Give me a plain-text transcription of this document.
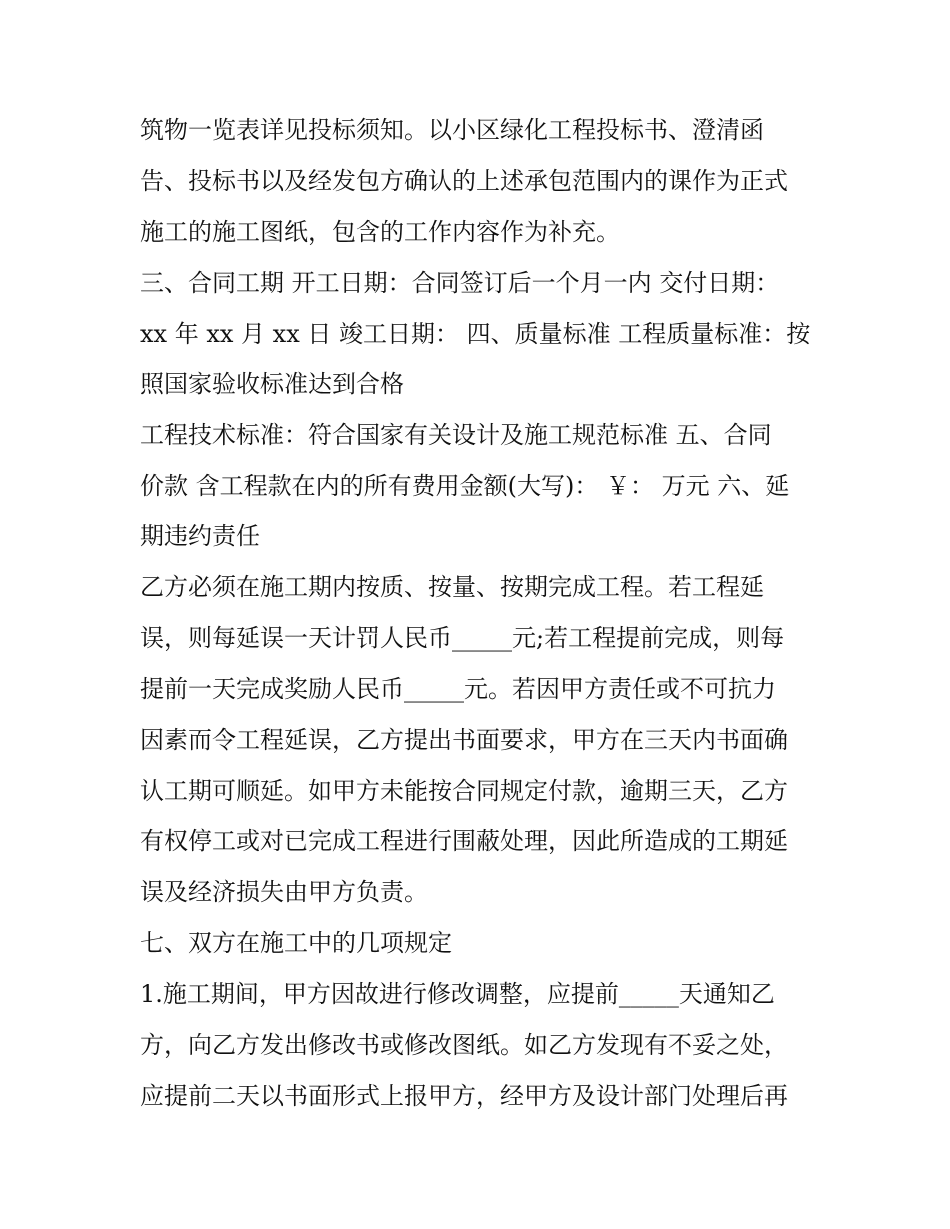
筑物一览表详见投标须知。以小区绿化工程投标书、澄清函
告、投标书以及经发包方确认的上述承包范围内的课作为正式
施工的施工图纸，包含的工作内容作为补充。
三、合同工期 开工日期：合同签订后一个月一内 交付日期：
xx 年 xx 月 xx 日 竣工日期： 四、质量标准 工程质量标准：按
照国家验收标准达到合格
工程技术标准：符合国家有关设计及施工规范标准 五、合同
价款 含工程款在内的所有费用金额(大写)： ￥： 万元 六、延
期违约责任
乙方必须在施工期内按质、按量、按期完成工程。若工程延
误，则每延误一天计罚人民币_____元;若工程提前完成，则每
提前一天完成奖励人民币_____元。若因甲方责任或不可抗力
因素而令工程延误，乙方提出书面要求，甲方在三天内书面确
认工期可顺延。如甲方未能按合同规定付款，逾期三天，乙方
有权停工或对已完成工程进行围蔽处理，因此所造成的工期延
误及经济损失由甲方负责。
七、双方在施工中的几项规定
1.施工期间，甲方因故进行修改调整，应提前_____天通知乙
方，向乙方发出修改书或修改图纸。如乙方发现有不妥之处，
应提前二天以书面形式上报甲方，经甲方及设计部门处理后再
